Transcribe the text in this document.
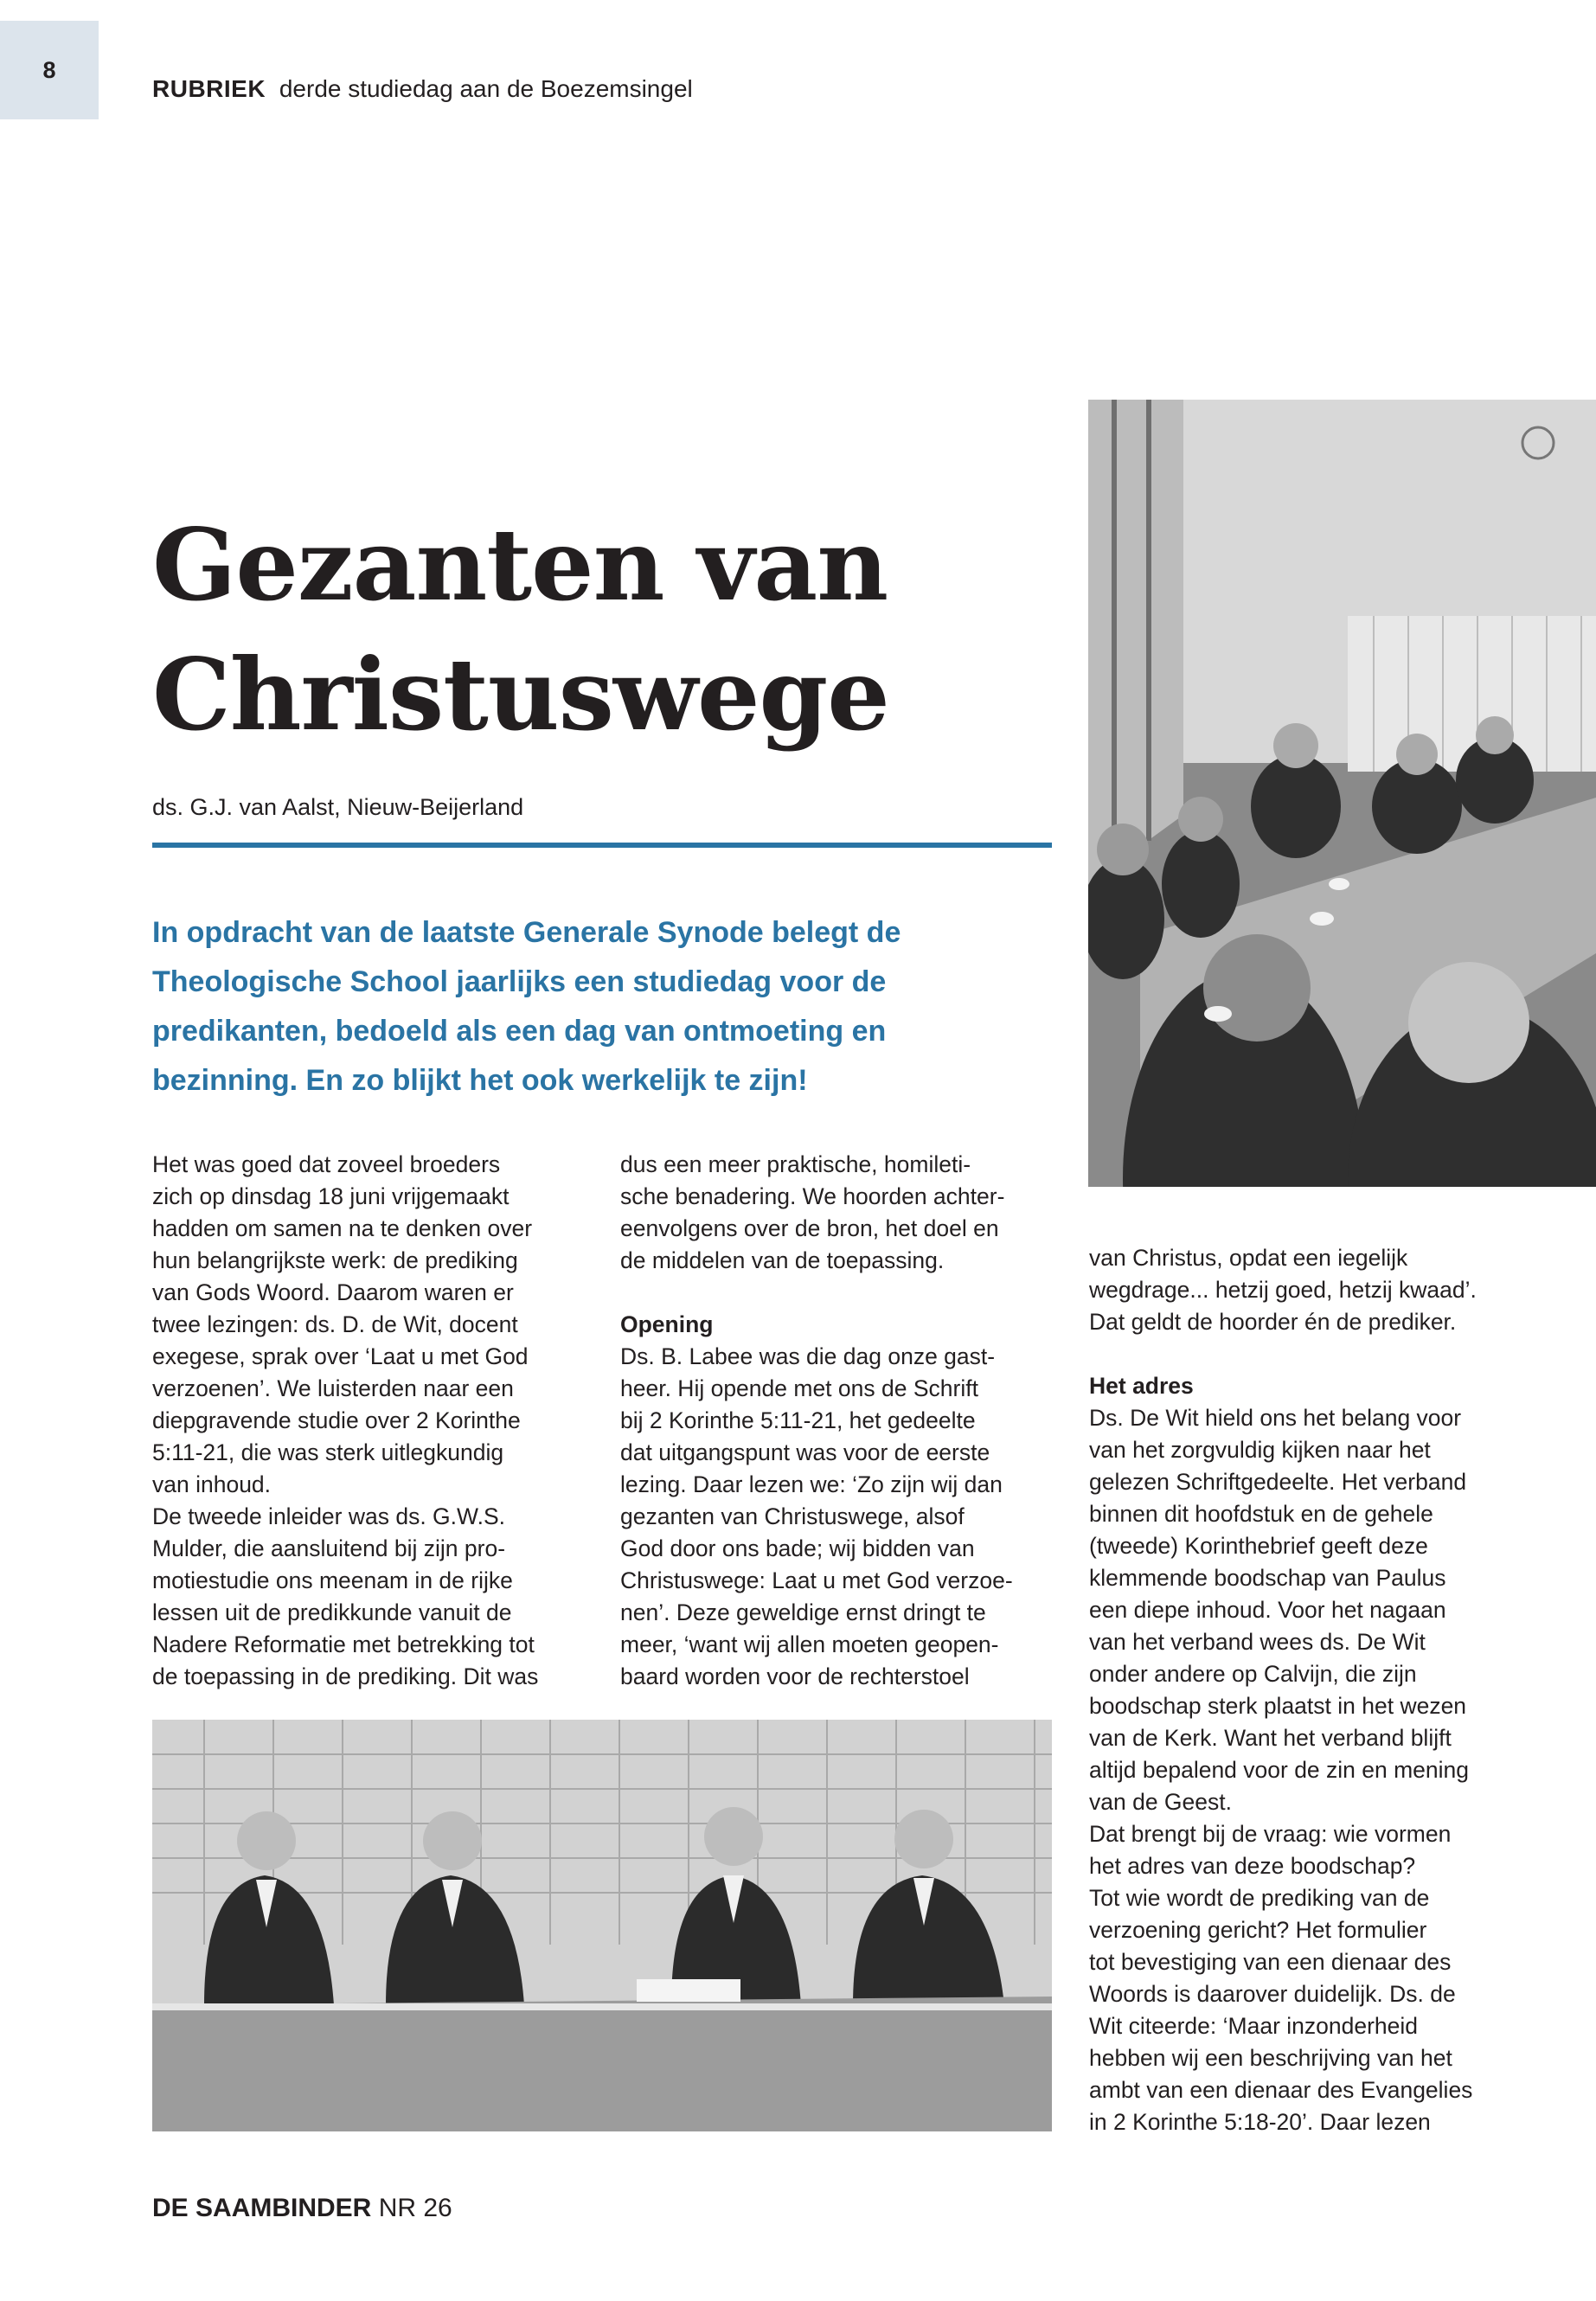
8
RUBRIEK derde studiedag aan de Boezemsingel
Gezanten van
Christuswege
ds. G.J. van Aalst, Nieuw-Beijerland

In opdracht van de laatste Generale Synode belegt de
Theologische School jaarlijks een studiedag voor de
predikanten, bedoeld als een dag van ontmoeting en
bezinning. En zo blijkt het ook werkelijk te zijn!

Het was goed dat zoveel broeders
zich op dinsdag 18 juni vrijgemaakt
hadden om samen na te denken over
hun belangrijkste werk: de prediking
van Gods Woord. Daarom waren er
twee lezingen: ds. D. de Wit, docent
exegese, sprak over ‘Laat u met God
verzoenen’. We luisterden naar een
diepgravende studie over 2 Korinthe
5:11-21, die was sterk uitlegkundig
van inhoud.
De tweede inleider was ds. G.W.S.
Mulder, die aansluitend bij zijn pro-
motiestudie ons meenam in de rijke
lessen uit de predikkunde vanuit de
Nadere Reformatie met betrekking tot
de toepassing in de prediking. Dit was
dus een meer praktische, homileti-
sche benadering. We hoorden achter-
eenvolgens over de bron, het doel en
de middelen van de toepassing.

Opening
Ds. B. Labee was die dag onze gast-
heer. Hij opende met ons de Schrift
bij 2 Korinthe 5:11-21, het gedeelte
dat uitgangspunt was voor de eerste
lezing. Daar lezen we: ‘Zo zijn wij dan
gezanten van Christuswege, alsof
God door ons bade; wij bidden van
Christuswege: Laat u met God verzoe-
nen’. Deze geweldige ernst dringt te
meer, ‘want wij allen moeten geopen-
baard worden voor de rechterstoel
van Christus, opdat een iegelijk
wegdrage... hetzij goed, hetzij kwaad’.
Dat geldt de hoorder én de prediker.

Het adres
Ds. De Wit hield ons het belang voor
van het zorgvuldig kijken naar het
gelezen Schriftgedeelte. Het verband
binnen dit hoofdstuk en de gehele
(tweede) Korinthebrief geeft deze
klemmende boodschap van Paulus
een diepe inhoud. Voor het nagaan
van het verband wees ds. De Wit
onder andere op Calvijn, die zijn
boodschap sterk plaatst in het wezen
van de Kerk. Want het verband blijft
altijd bepalend voor de zin en mening
van de Geest.
Dat brengt bij de vraag: wie vormen
het adres van deze boodschap?
Tot wie wordt de prediking van de
verzoening gericht? Het formulier
tot bevestiging van een dienaar des
Woords is daarover duidelijk. Ds. de
Wit citeerde: ‘Maar inzonderheid
hebben wij een beschrijving van het
ambt van een dienaar des Evangelies
in 2 Korinthe 5:18-20’. Daar lezen
DE SAAMBINDER NR 26
